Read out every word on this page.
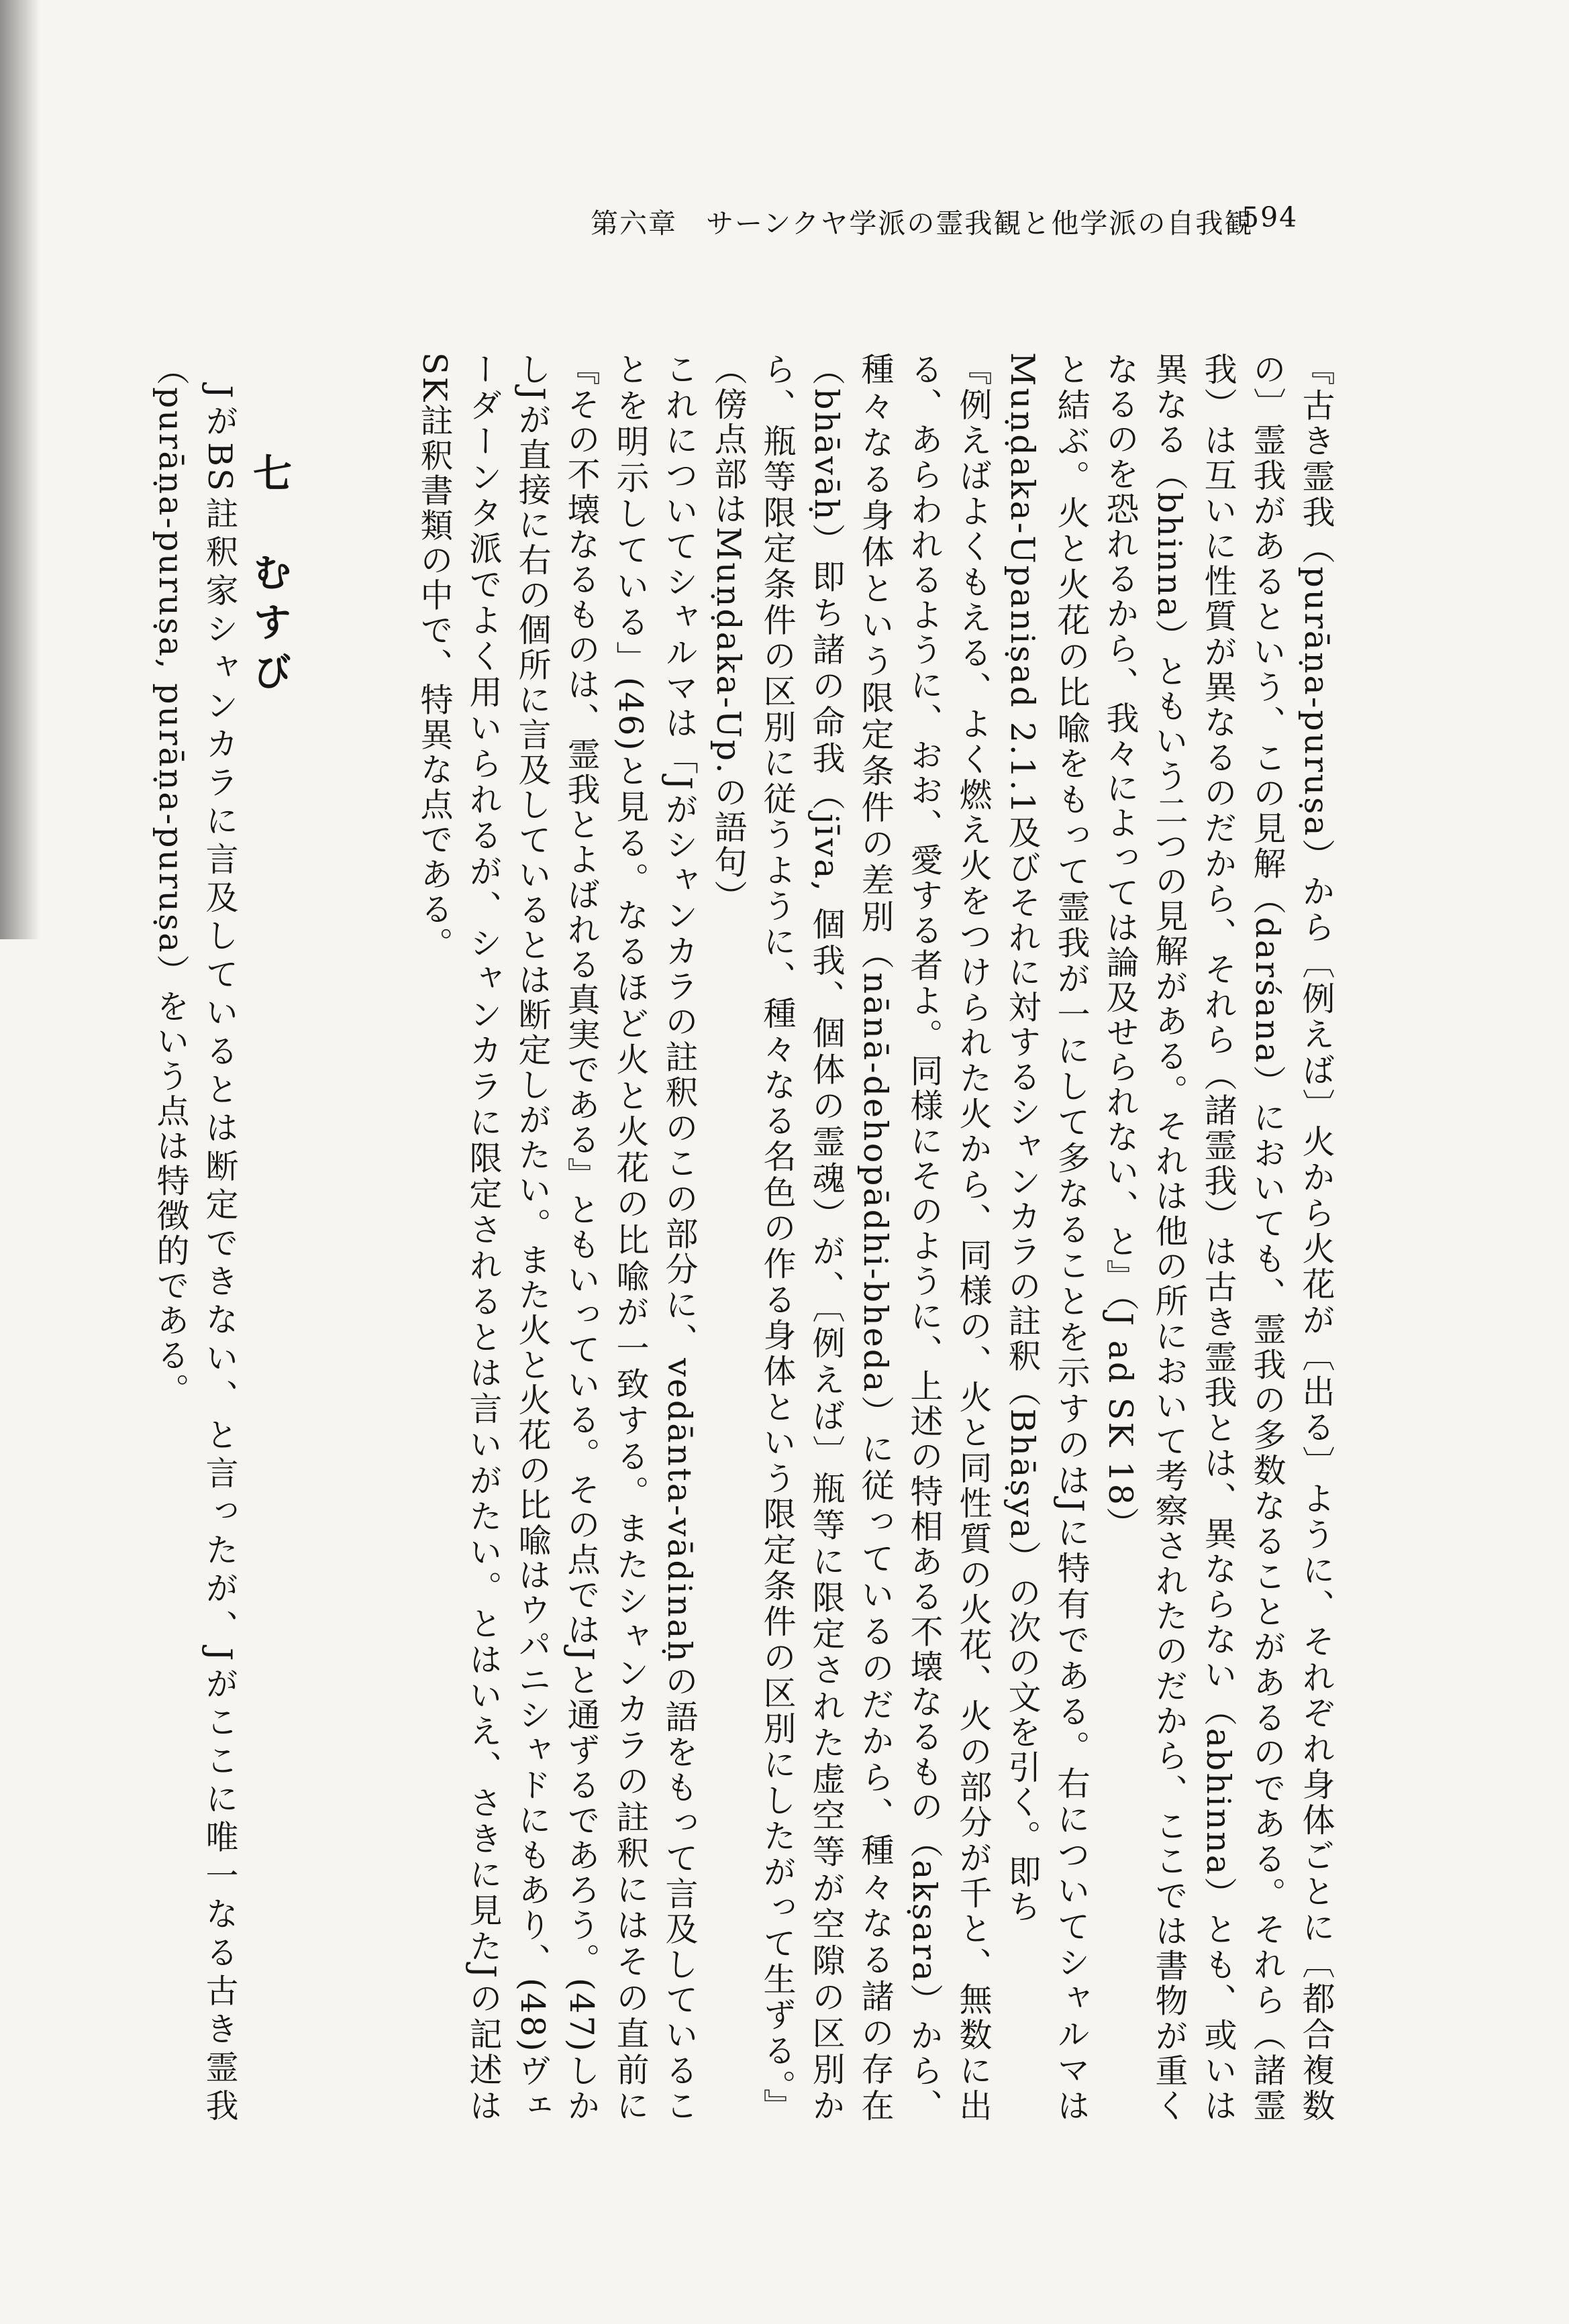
第六章　サーンクヤ学派の霊我観と他学派の自我観
594

『古き霊我（purāṇa-puruṣa）から〔例えば〕火から火花が〔出る〕ように、それぞれ身体ごとに〔都合複数の〕霊我があるという、この見解（darśana）においても、霊我の多数なることがあるのである。それら（諸霊我）は互いに性質が異なるのだから、それら（諸霊我）は古き霊我とは、異ならない（abhinna）とも、或いは異なる（bhinna）ともいう二つの見解がある。それは他の所において考察されたのだから、ここでは書物が重くなるのを恐れるから、我々によっては論及せられない、と』（J ad SK 18）

と結ぶ。火と火花の比喩をもって霊我が一にして多なることを示すのはJに特有である。右についてシャルマはMuṇḍaka-Upaniṣad 2.1.1及びそれに対するシャンカラの註釈（Bhāṣya）の次の文を引く。即ち

『例えばよくもえる、よく燃え火をつけられた火から、同様の、火と同性質の火花、火の部分が千と、無数に出る、あらわれるように、おお、愛する者よ。同様にそのように、上述の特相ある不壊なるもの（akṣara）から、種々なる身体という限定条件の差別（nānā-dehopādhi-bheda）に従っているのだから、種々なる諸の存在（bhāvāḥ）即ち諸の命我（jīva, 個我、個体の霊魂）が、〔例えば〕瓶等に限定された虚空等が空隙の区別から、瓶等限定条件の区別に従うように、種々なる名色の作る身体という限定条件の区別にしたがって生ずる。』（傍点部はMuṇḍaka-Up.の語句）

これについてシャルマは「Jがシャンカラの註釈のこの部分に、vedānta-vādinaḥの語をもって言及していることを明示している」(46)と見る。なるほど火と火花の比喩が一致する。またシャンカラの註釈にはその直前に『その不壊なるものは、霊我とよばれる真実である』ともいっている。その点ではJと通ずるであろう。(47)しかしJが直接に右の個所に言及しているとは断定しがたい。また火と火花の比喩はウパニシャドにもあり、(48)ヴェーダーンタ派でよく用いられるが、シャンカラに限定されるとは言いがたい。とはいえ、さきに見たJの記述はSK註釈書類の中で、特異な点である。

七　むすび

JがBS註釈家シャンカラに言及しているとは断定できない、と言ったが、Jがここに唯一なる古き霊我（purāṇa-puruṣa, purāṇa-puruṣa）をいう点は特徴的である。
